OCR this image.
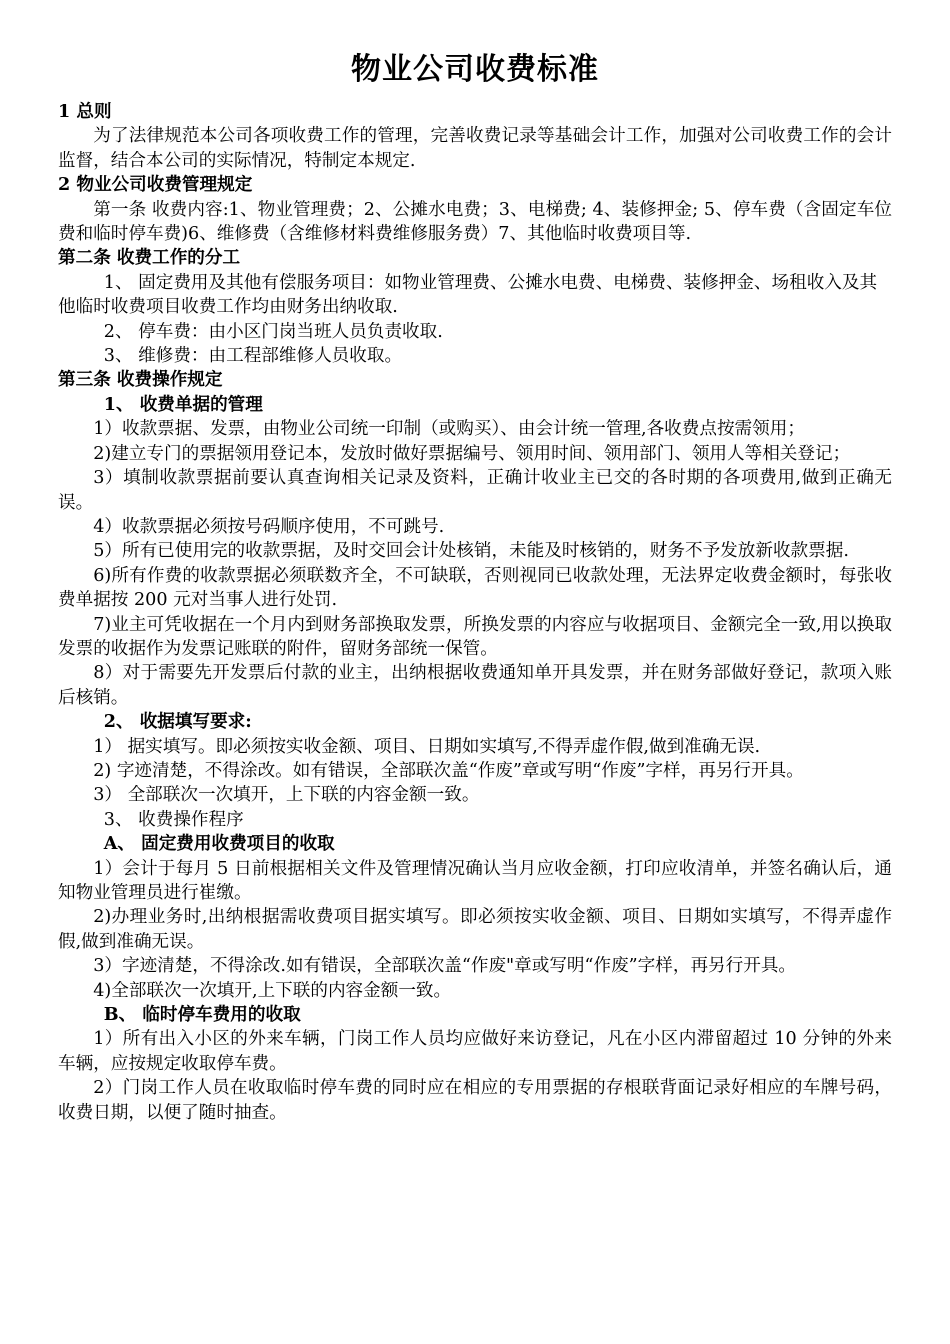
物业公司收费标准
1 总则
为了法律规范本公司各项收费工作的管理，完善收费记录等基础会计工作，加强对公司收费工作的会计监督，结合本公司的实际情况，特制定本规定.
2 物业公司收费管理规定
第一条 收费内容:1、物业管理费；2、公摊水电费；3、电梯费; 4、装修押金; 5、停车费（含固定车位费和临时停车费)6、维修费（含维修材料费维修服务费）7、其他临时收费项目等.
第二条 收费工作的分工
1、 固定费用及其他有偿服务项目：如物业管理费、公摊水电费、电梯费、装修押金、场租收入及其他临时收费项目收费工作均由财务出纳收取.
2、 停车费：由小区门岗当班人员负责收取.
3、 维修费：由工程部维修人员收取。
第三条 收费操作规定
1、 收费单据的管理
1）收款票据、发票，由物业公司统一印制（或购买）、由会计统一管理,各收费点按需领用；
2)建立专门的票据领用登记本，发放时做好票据编号、领用时间、领用部门、领用人等相关登记；
3）填制收款票据前要认真查询相关记录及资料，正确计收业主已交的各时期的各项费用,做到正确无误。
4）收款票据必须按号码顺序使用，不可跳号.
5）所有已使用完的收款票据，及时交回会计处核销，未能及时核销的，财务不予发放新收款票据.
6)所有作费的收款票据必须联数齐全，不可缺联，否则视同已收款处理，无法界定收费金额时，每张收费单据按 200 元对当事人进行处罚.
7)业主可凭收据在一个月内到财务部换取发票，所换发票的内容应与收据项目、金额完全一致,用以换取发票的收据作为发票记账联的附件，留财务部统一保管。
8）对于需要先开发票后付款的业主，出纳根据收费通知单开具发票，并在财务部做好登记，款项入账后核销。
2、 收据填写要求:
1） 据实填写。即必须按实收金额、项目、日期如实填写,不得弄虚作假,做到准确无误.
2) 字迹清楚，不得涂改。如有错误，全部联次盖“作废”章或写明“作废”字样，再另行开具。
3） 全部联次一次填开，上下联的内容金额一致。
3、 收费操作程序
A、 固定费用收费项目的收取
1）会计于每月 5 日前根据相关文件及管理情况确认当月应收金额，打印应收清单，并签名确认后，通知物业管理员进行崔缴。
2)办理业务时,出纳根据需收费项目据实填写。即必须按实收金额、项目、日期如实填写，不得弄虚作假,做到准确无误。
3）字迹清楚，不得涂改.如有错误，全部联次盖“作废"章或写明“作废”字样，再另行开具。
4)全部联次一次填开,上下联的内容金额一致。
B、 临时停车费用的收取
1）所有出入小区的外来车辆，门岗工作人员均应做好来访登记，凡在小区内滞留超过 10 分钟的外来车辆，应按规定收取停车费。
2）门岗工作人员在收取临时停车费的同时应在相应的专用票据的存根联背面记录好相应的车牌号码，收费日期，以便了随时抽查。
